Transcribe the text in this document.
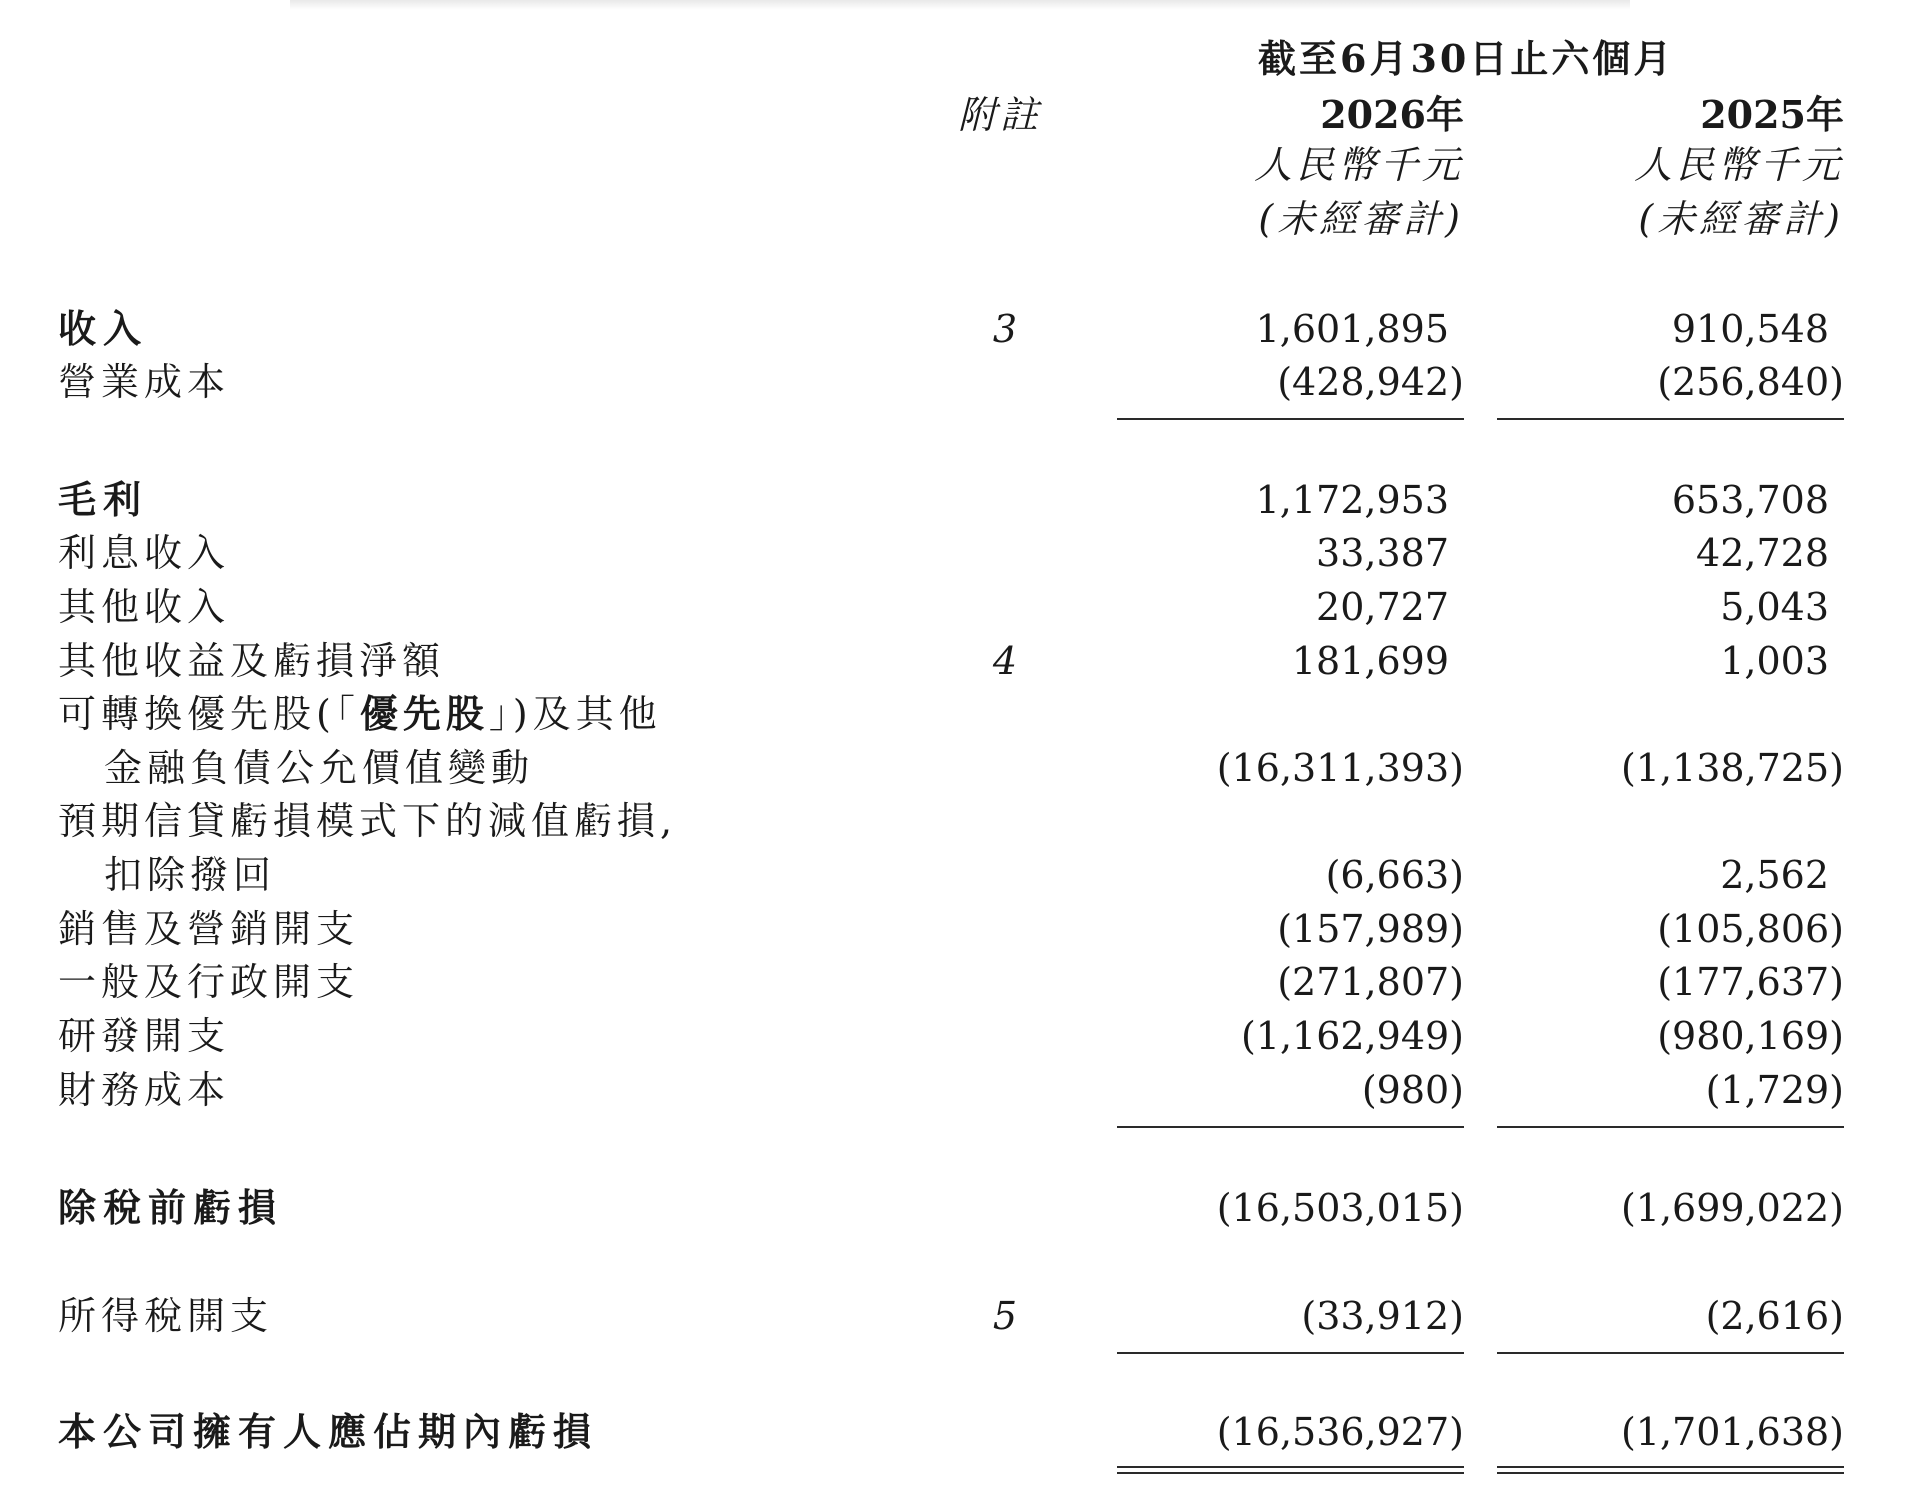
截至6月30日止六個月
附註	2026年	2025年
人民幣千元	人民幣千元
(未經審計)	(未經審計)
收入	3	1,601,895	910,548
營業成本	(428,942)	(256,840)
毛利	1,172,953	653,708
利息收入	33,387	42,728
其他收入	20,727	5,043
其他收益及虧損淨額	4	181,699	1,003
可轉換優先股(「優先股」)及其他
金融負債公允價值變動	(16,311,393)	(1,138,725)
預期信貸虧損模式下的減值虧損,
扣除撥回	(6,663)	2,562
銷售及營銷開支	(157,989)	(105,806)
一般及行政開支	(271,807)	(177,637)
研發開支	(1,162,949)	(980,169)
財務成本	(980)	(1,729)
除稅前虧損	(16,503,015)	(1,699,022)
所得稅開支	5	(33,912)	(2,616)
本公司擁有人應佔期內虧損	(16,536,927)	(1,701,638)
